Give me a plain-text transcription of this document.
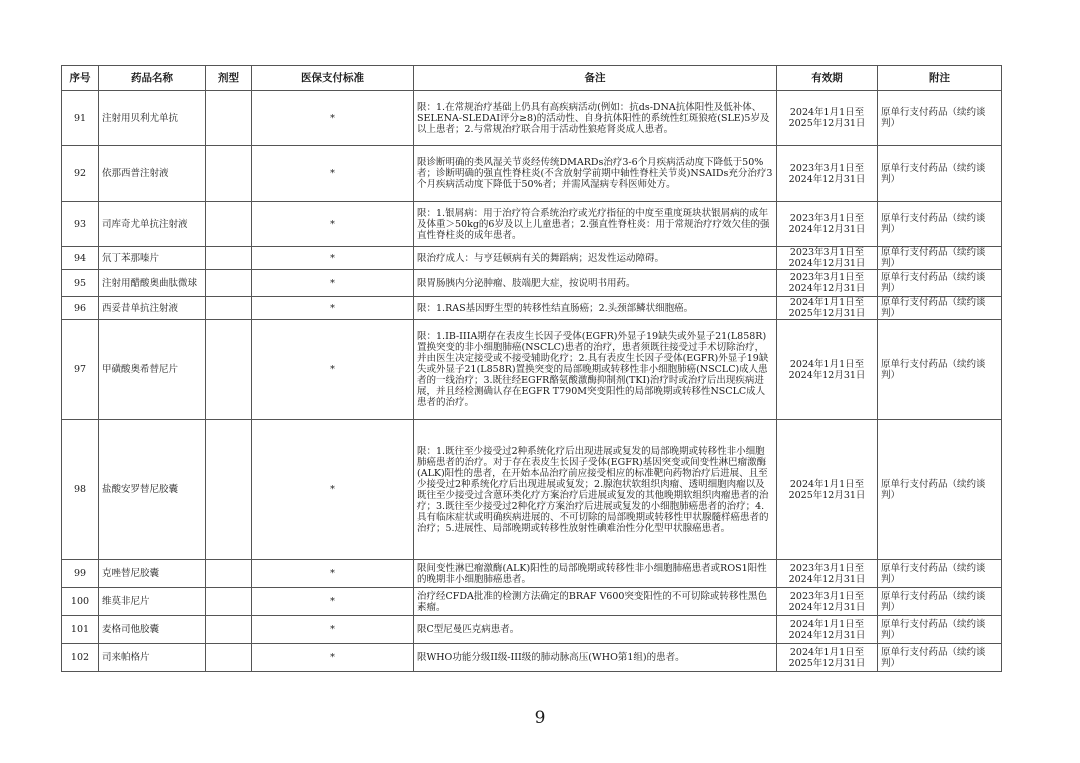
序号	药品名称	剂型	医保支付标准	备注	有效期	附注
91	注射用贝利尤单抗		*	限：1.在常规治疗基础上仍具有高疾病活动(例如：抗ds-DNA抗体阳性及低补体、SELENA-SLEDAI评分≥8)的活动性、自身抗体阳性的系统性红斑狼疮(SLE)5岁及以上患者；2.与常规治疗联合用于活动性狼疮肾炎成人患者。	2024年1月1日至
2025年12月31日	原单行支付药品（续约谈判）
92	依那西普注射液		*	限诊断明确的类风湿关节炎经传统DMARDs治疗3-6个月疾病活动度下降低于50%者；诊断明确的强直性脊柱炎(不含放射学前期中轴性脊柱关节炎)NSAIDs充分治疗3个月疾病活动度下降低于50%者；并需风湿病专科医师处方。	2023年3月1日至
2024年12月31日	原单行支付药品（续约谈判）
93	司库奇尤单抗注射液		*	限：1.银屑病：用于治疗符合系统治疗或光疗指征的中度至重度斑块状银屑病的成年及体重＞50kg的6岁及以上儿童患者；2.强直性脊柱炎：用于常规治疗疗效欠佳的强直性脊柱炎的成年患者。	2023年3月1日至
2024年12月31日	原单行支付药品（续约谈判）
94	氘丁苯那嗪片		*	限治疗成人：与亨廷顿病有关的舞蹈病；迟发性运动障碍。	2023年3月1日至
2024年12月31日	原单行支付药品（续约谈判）
95	注射用醋酸奥曲肽微球		*	限胃肠胰内分泌肿瘤、肢端肥大症，按说明书用药。	2023年3月1日至
2024年12月31日	原单行支付药品（续约谈判）
96	西妥昔单抗注射液		*	限：1.RAS基因野生型的转移性结直肠癌；2.头颈部鳞状细胞癌。	2024年1月1日至
2025年12月31日	原单行支付药品（续约谈判）
97	甲磺酸奥希替尼片		*	限：1.IB-IIIA期存在表皮生长因子受体(EGFR)外显子19缺失或外显子21(L858R)置换突变的非小细胞肺癌(NSCLC)患者的治疗，患者须既往接受过手术切除治疗，并由医生决定接受或不接受辅助化疗；2.具有表皮生长因子受体(EGFR)外显子19缺失或外显子21(L858R)置换突变的局部晚期或转移性非小细胞肺癌(NSCLC)成人患者的一线治疗；3.既往经EGFR酪氨酸激酶抑制剂(TKI)治疗时或治疗后出现疾病进展，并且经检测确认存在EGFR T790M突变阳性的局部晚期或转移性NSCLC成人患者的治疗。	2024年1月1日至
2024年12月31日	原单行支付药品（续约谈判）
98	盐酸安罗替尼胶囊		*	限：1.既往至少接受过2种系统化疗后出现进展或复发的局部晚期或转移性非小细胞肺癌患者的治疗。对于存在表皮生长因子受体(EGFR)基因突变或间变性淋巴瘤激酶(ALK)阳性的患者，在开始本品治疗前应接受相应的标准靶向药物治疗后进展、且至少接受过2种系统化疗后出现进展或复发；2.腺泡状软组织肉瘤、透明细胞肉瘤以及既往至少接受过含蒽环类化疗方案治疗后进展或复发的其他晚期软组织肉瘤患者的治疗；3.既往至少接受过2种化疗方案治疗后进展或复发的小细胞肺癌患者的治疗；4.具有临床症状或明确疾病进展的、不可切除的局部晚期或转移性甲状腺髓样癌患者的治疗；5.进展性、局部晚期或转移性放射性碘难治性分化型甲状腺癌患者。	2024年1月1日至
2025年12月31日	原单行支付药品（续约谈判）
99	克唑替尼胶囊		*	限间变性淋巴瘤激酶(ALK)阳性的局部晚期或转移性非小细胞肺癌患者或ROS1阳性的晚期非小细胞肺癌患者。	2023年3月1日至
2024年12月31日	原单行支付药品（续约谈判）
100	维莫非尼片		*	治疗经CFDA批准的检测方法确定的BRAF V600突变阳性的不可切除或转移性黑色素瘤。	2023年3月1日至
2024年12月31日	原单行支付药品（续约谈判）
101	麦格司他胶囊		*	限C型尼曼匹克病患者。	2024年1月1日至
2024年12月31日	原单行支付药品（续约谈判）
102	司来帕格片		*	限WHO功能分级II级-III级的肺动脉高压(WHO第1组)的患者。	2024年1月1日至
2025年12月31日	原单行支付药品（续约谈判）
9
